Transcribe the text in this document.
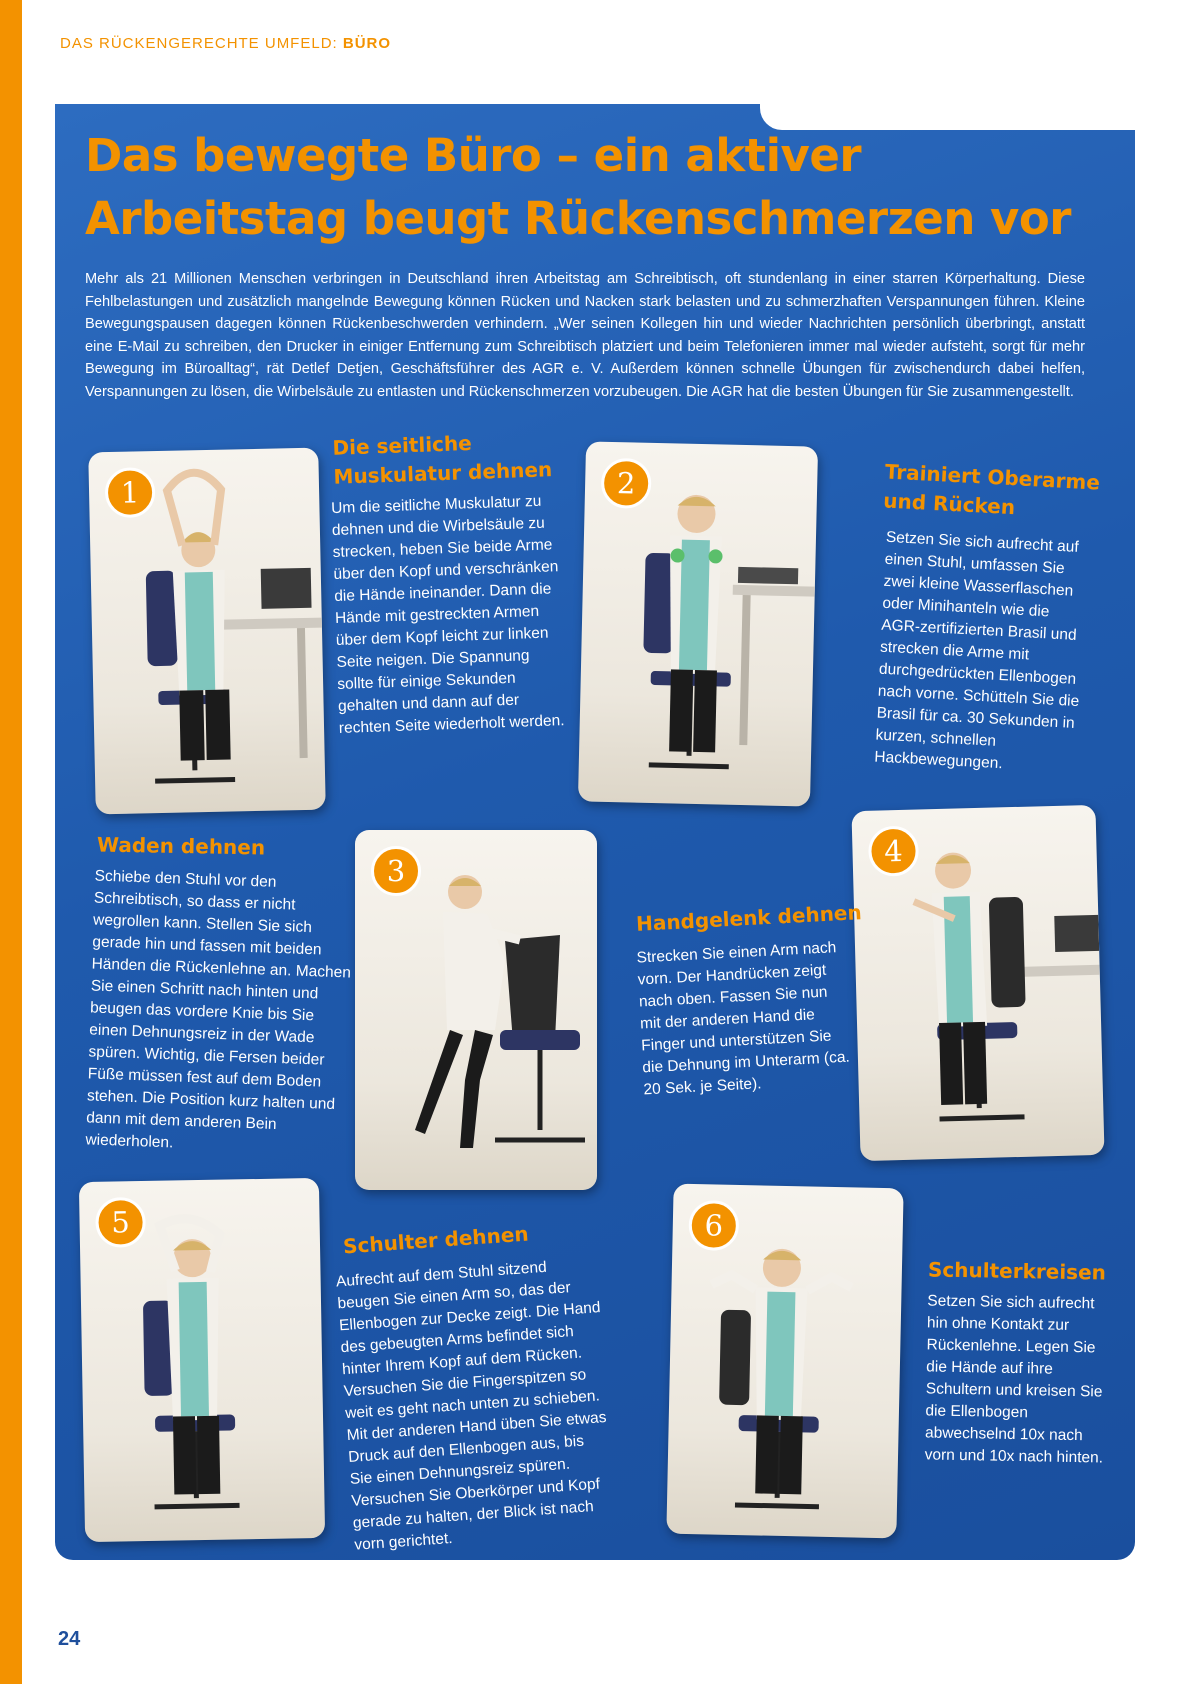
DAS RÜCKENGERECHTE UMFELD: BÜRO
Das bewegte Büro – ein aktiver
Arbeitstag beugt Rückenschmerzen vor

Mehr als 21 Millionen Menschen verbringen in Deutschland ihren Arbeitstag am Schreibtisch, oft stundenlang in einer starren Körperhaltung. Diese Fehlbelastungen und zusätzlich mangelnde Bewegung können Rücken und Nacken stark belasten und zu schmerzhaften Verspannungen führen. Kleine Bewegungspausen dagegen können Rückenbeschwerden verhindern. „Wer seinen Kollegen hin und wieder Nachrichten persönlich überbringt, anstatt eine E-Mail zu schreiben, den Drucker in einiger Entfernung zum Schreibtisch platziert und beim Telefonieren immer mal wieder aufsteht, sorgt für mehr Bewegung im Büroalltag“, rät Detlef Detjen, Geschäftsführer des AGR e. V. Außerdem können schnelle Übungen für zwischendurch dabei helfen, Verspannungen zu lösen, die Wirbelsäule zu entlasten und Rückenschmerzen vorzubeugen. Die AGR hat die besten Übungen für Sie zusammengestellt.

1
Die seitliche
Muskulatur dehnen

Um die seitliche Muskulatur zu dehnen und die Wirbelsäule zu strecken, heben Sie beide Arme über den Kopf und verschränken die Hände ineinander. Dann die Hände mit gestreckten Armen über dem Kopf leicht zur linken Seite neigen. Die Spannung sollte für einige Sekunden gehalten und dann auf der rechten Seite wiederholt werden.

2	Trainiert Oberarme
und Rücken

Setzen Sie sich aufrecht auf einen Stuhl, umfassen Sie zwei kleine Wasserflaschen oder Minihanteln wie die AGR-zertifizierten Brasil und strecken die Arme mit durchgedrückten Ellenbogen nach vorne. Schütteln Sie die Brasil für ca. 30 Sekunden in kurzen, schnellen Hackbewegungen.

3
Waden dehnen

Schiebe den Stuhl vor den Schreibtisch, so dass er nicht wegrollen kann. Stellen Sie sich gerade hin und fassen mit beiden Händen die Rückenlehne an. Machen Sie einen Schritt nach hinten und beugen das vordere Knie bis Sie einen Dehnungsreiz in der Wade spüren. Wichtig, die Fersen beider Füße müssen fest auf dem Boden stehen. Die Position kurz halten und dann mit dem anderen Bein wiederholen.

4
Handgelenk dehnen

Strecken Sie einen Arm nach vorn. Der Handrücken zeigt nach oben. Fassen Sie nun mit der anderen Hand die Finger und unterstützen Sie die Dehnung im Unterarm (ca. 20 Sek. je Seite).

5	Schulter dehnen

Aufrecht auf dem Stuhl sitzend beugen Sie einen Arm so, das der Ellenbogen zur Decke zeigt. Die Hand des gebeugten Arms befindet sich hinter Ihrem Kopf auf dem Rücken. Versuchen Sie die Fingerspitzen so weit es geht nach unten zu schieben. Mit der anderen Hand üben Sie etwas Druck auf den Ellenbogen aus, bis Sie einen Dehnungsreiz spüren. Versuchen Sie Oberkörper und Kopf gerade zu halten, der Blick ist nach vorn gerichtet.

6
Schulterkreisen

Setzen Sie sich aufrecht hin ohne Kontakt zur Rückenlehne. Legen Sie die Hände auf ihre Schultern und kreisen Sie die Ellenbogen abwechselnd 10x nach vorn und 10x nach hinten.

24
